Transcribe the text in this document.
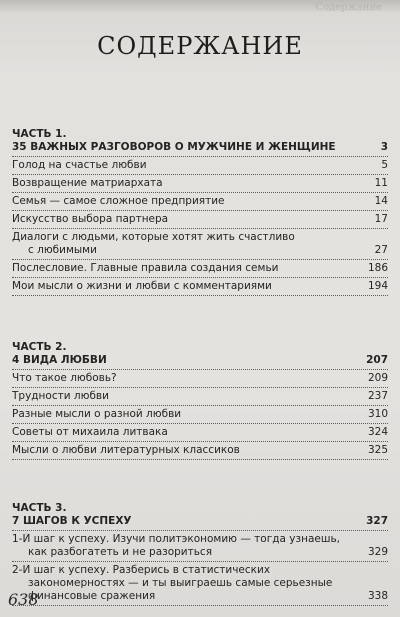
Содержание
СОДЕРЖАНИЕ
ЧАСТЬ 1.
35 ВАЖНЫХ РАЗГОВОРОВ О МУЖЧИНЕ И ЖЕНЩИНЕ	3
Голод на счастье любви	5
Возвращение матриархата	11
Семья — самое сложное предприятие	14
Искусство выбора партнера	17
Диалоги с людьми, которые хотят жить счастливо
с любимыми	27
Послесловие. Главные правила создания семьи	186
Мои мысли о жизни и любви с комментариями	194
ЧАСТЬ 2.
4 ВИДА ЛЮБВИ	207
Что такое любовь?	209
Трудности любви	237
Разные мысли о разной любви	310
Советы от михаила литвака	324
Мысли о любви литературных классиков	325
ЧАСТЬ 3.
7 ШАГОВ К УСПЕХУ	327
1-Й шаг к успеху. Изучи политэкономию — тогда узнаешь,
как разбогатеть и не разориться	329
2-Й шаг к успеху. Разберись в статистических
закономерностях — и ты выиграешь самые серьезные
финансовые сражения	338
638
